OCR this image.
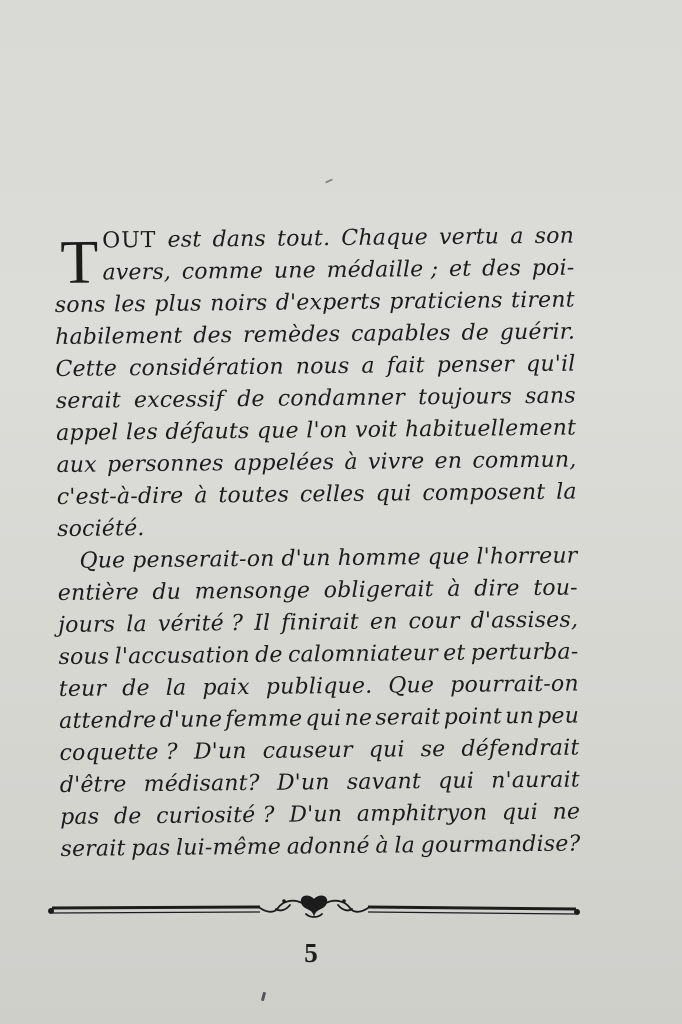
T OUT est dans tout. Chaque vertu a son
avers, comme une médaille ; et des poi-
sons les plus noirs d'experts praticiens tirent
habilement des remèdes capables de guérir.
Cette considération nous a fait penser qu'il
serait excessif de condamner toujours sans
appel les défauts que l'on voit habituellement
aux personnes appelées à vivre en commun,
c'est-à-dire à toutes celles qui composent la
société.
Que penserait-on d'un homme que l'horreur
entière du mensonge obligerait à dire tou-
jours la vérité ? Il finirait en cour d'assises,
sous l'accusation de calomniateur et perturba-
teur de la paix publique. Que pourrait-on
attendre d'une femme qui ne serait point un peu
coquette ? D'un causeur qui se défendrait
d'être médisant? D'un savant qui n'aurait
pas de curiosité ? D'un amphitryon qui ne
serait pas lui-même adonné à la gourmandise?
5
